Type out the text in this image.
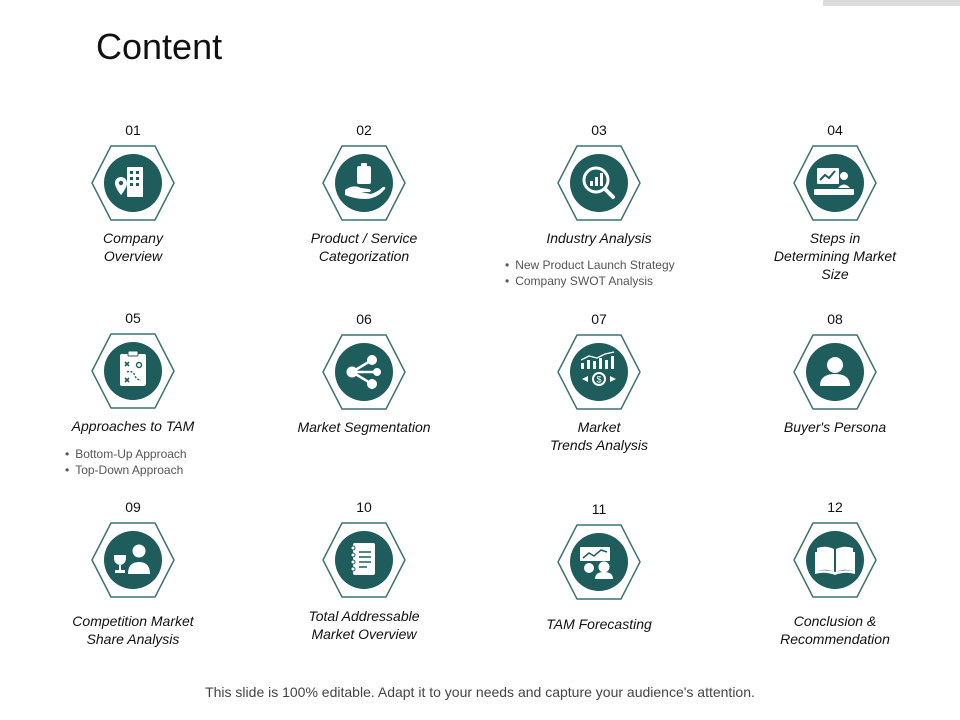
Content
01
Company
Overview
02
Product / Service
Categorization
03
Industry Analysis
• New Product Launch Strategy
• Company SWOT Analysis
04
Steps in
Determining Market
Size
05
Approaches to TAM
• Bottom-Up Approach
• Top-Down Approach
06
Market Segmentation
07
$
Market
Trends Analysis
08
Buyer's Persona
09
Competition Market
Share Analysis
10
Total Addressable
Market Overview
11
TAM Forecasting
12
Conclusion &
Recommendation
This slide is 100% editable. Adapt it to your needs and capture your audience's attention.
